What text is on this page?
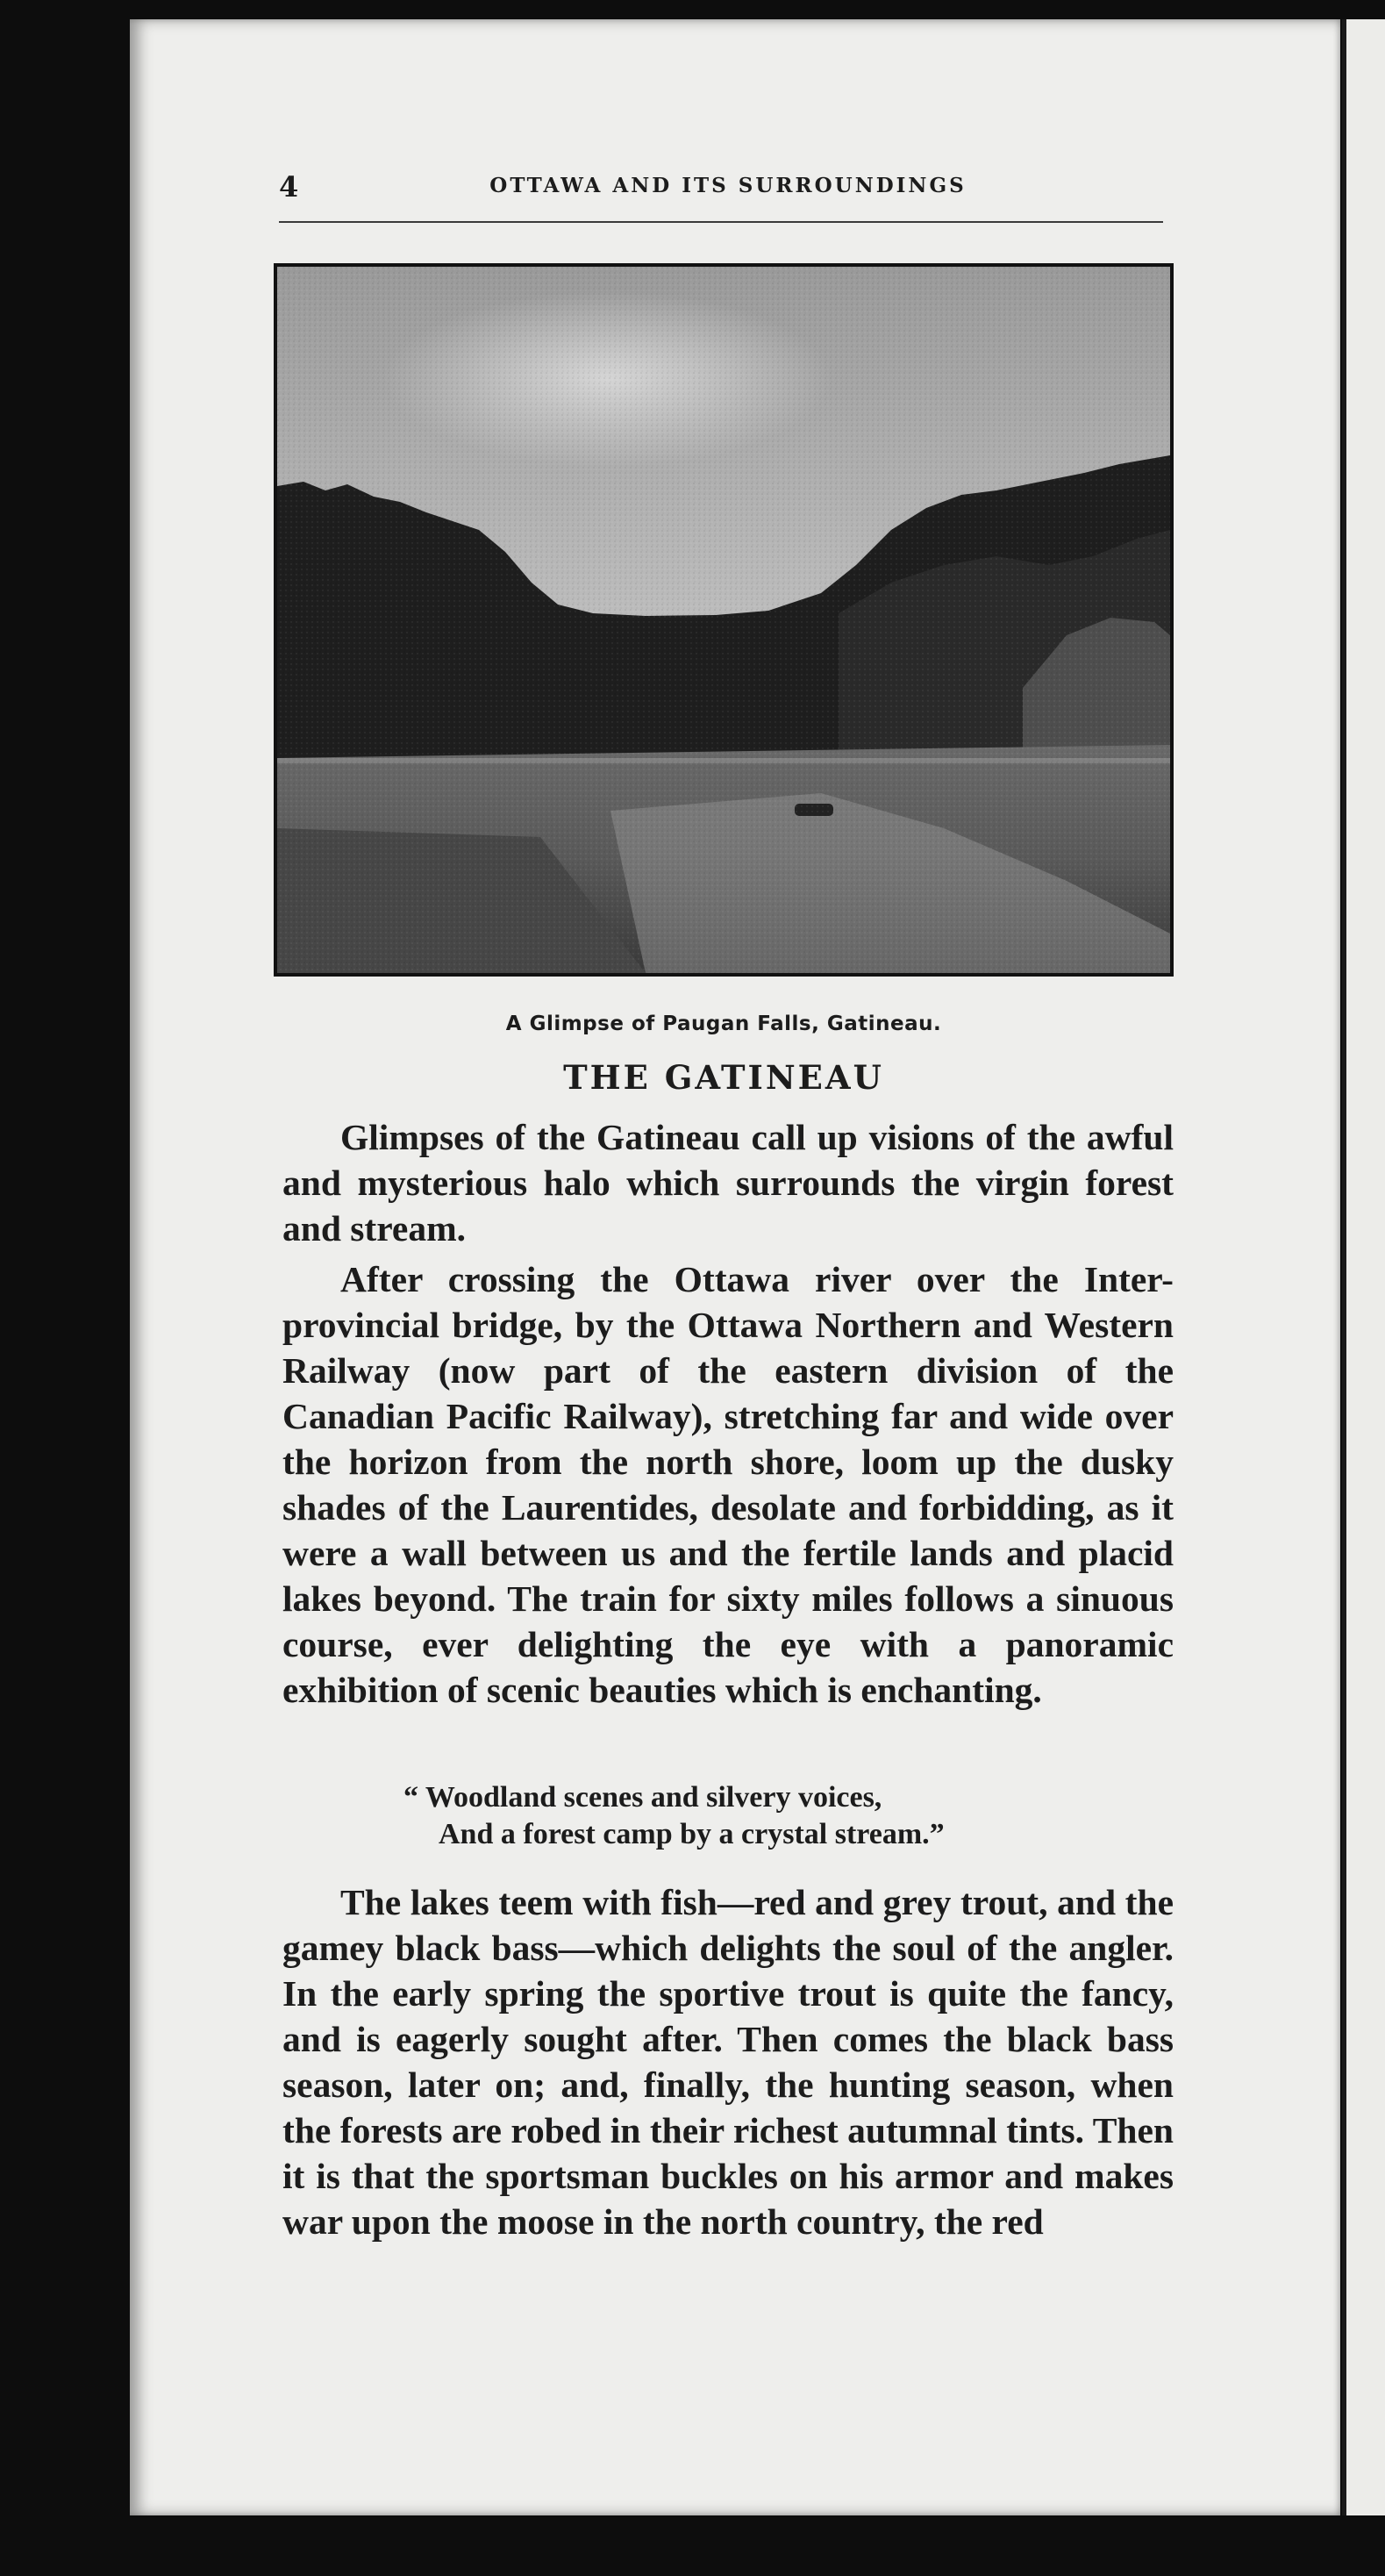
4	OTTAWA AND ITS SURROUNDINGS

A Glimpse of Paugan Falls, Gatineau.

THE GATINEAU

Glimpses of the Gatineau call up visions of the awful and mysterious halo which surrounds the virgin forest and stream.

After crossing the Ottawa river over the Inter-provincial bridge, by the Ottawa Northern and Western Railway (now part of the eastern division of the Canadian Pacific Railway), stretching far and wide over the horizon from the north shore, loom up the dusky shades of the Laurentides, desolate and forbidding, as it were a wall between us and the fertile lands and placid lakes beyond. The train for sixty miles follows a sinuous course, ever delighting the eye with a panoramic exhibition of scenic beauties which is enchanting.

“ Woodland scenes and silvery voices,

And a forest camp by a crystal stream.”

The lakes teem with fish—red and grey trout, and the gamey black bass—which delights the soul of the angler. In the early spring the sportive trout is quite the fancy, and is eagerly sought after. Then comes the black bass season, later on; and, finally, the hunting season, when the forests are robed in their richest autumnal tints. Then it is that the sportsman buckles on his armor and makes war upon the moose in the north country, the red
